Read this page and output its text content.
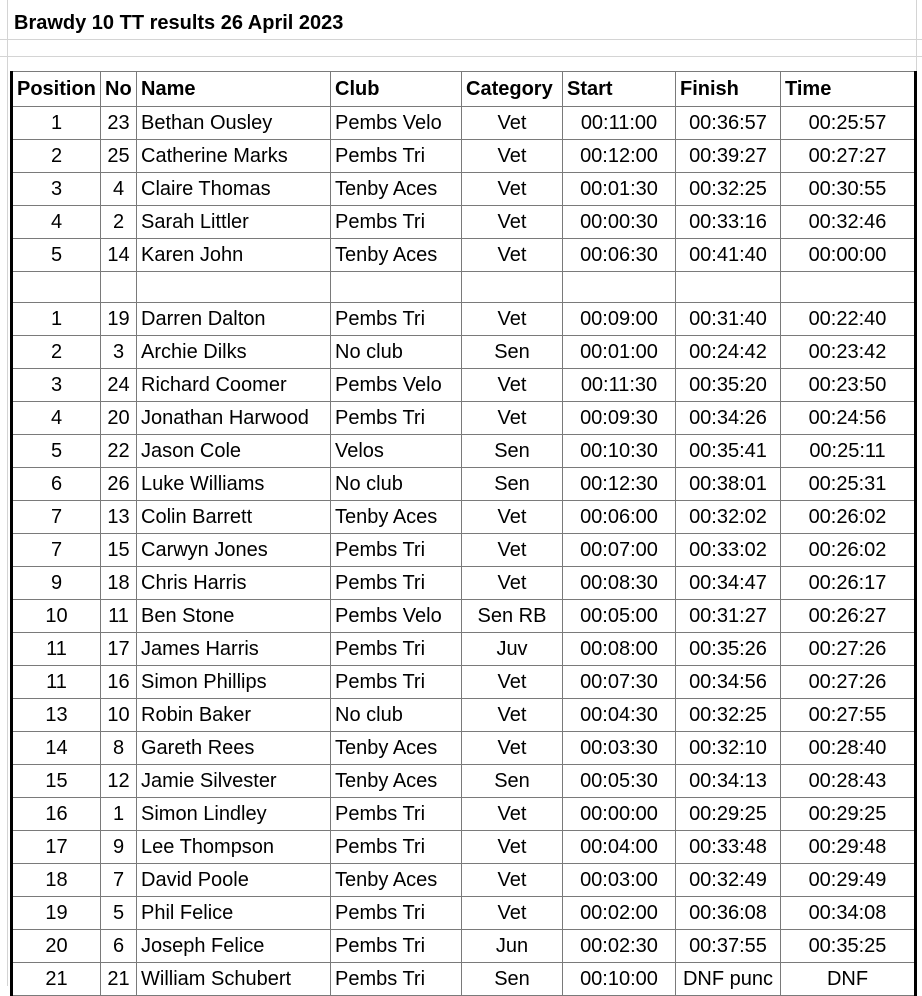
Brawdy 10 TT results 26 April 2023
Position	No	Name	Club	Category	Start	Finish	Time
1	23	Bethan Ousley	Pembs Velo	Vet	00:11:00	00:36:57	00:25:57
2	25	Catherine Marks	Pembs Tri	Vet	00:12:00	00:39:27	00:27:27
3	4	Claire Thomas	Tenby Aces	Vet	00:01:30	00:32:25	00:30:55
4	2	Sarah Littler	Pembs Tri	Vet	00:00:30	00:33:16	00:32:46
5	14	Karen John	Tenby Aces	Vet	00:06:30	00:41:40	00:00:00

1	19	Darren Dalton	Pembs Tri	Vet	00:09:00	00:31:40	00:22:40
2	3	Archie Dilks	No club	Sen	00:01:00	00:24:42	00:23:42
3	24	Richard Coomer	Pembs Velo	Vet	00:11:30	00:35:20	00:23:50
4	20	Jonathan Harwood	Pembs Tri	Vet	00:09:30	00:34:26	00:24:56
5	22	Jason Cole	Velos	Sen	00:10:30	00:35:41	00:25:11
6	26	Luke Williams	No club	Sen	00:12:30	00:38:01	00:25:31
7	13	Colin Barrett	Tenby Aces	Vet	00:06:00	00:32:02	00:26:02
7	15	Carwyn Jones	Pembs Tri	Vet	00:07:00	00:33:02	00:26:02
9	18	Chris Harris	Pembs Tri	Vet	00:08:30	00:34:47	00:26:17
10	11	Ben Stone	Pembs Velo	Sen RB	00:05:00	00:31:27	00:26:27
11	17	James Harris	Pembs Tri	Juv	00:08:00	00:35:26	00:27:26
11	16	Simon Phillips	Pembs Tri	Vet	00:07:30	00:34:56	00:27:26
13	10	Robin Baker	No club	Vet	00:04:30	00:32:25	00:27:55
14	8	Gareth Rees	Tenby Aces	Vet	00:03:30	00:32:10	00:28:40
15	12	Jamie Silvester	Tenby Aces	Sen	00:05:30	00:34:13	00:28:43
16	1	Simon Lindley	Pembs Tri	Vet	00:00:00	00:29:25	00:29:25
17	9	Lee Thompson	Pembs Tri	Vet	00:04:00	00:33:48	00:29:48
18	7	David Poole	Tenby Aces	Vet	00:03:00	00:32:49	00:29:49
19	5	Phil Felice	Pembs Tri	Vet	00:02:00	00:36:08	00:34:08
20	6	Joseph Felice	Pembs Tri	Jun	00:02:30	00:37:55	00:35:25
21	21	William Schubert	Pembs Tri	Sen	00:10:00	DNF punc	DNF
